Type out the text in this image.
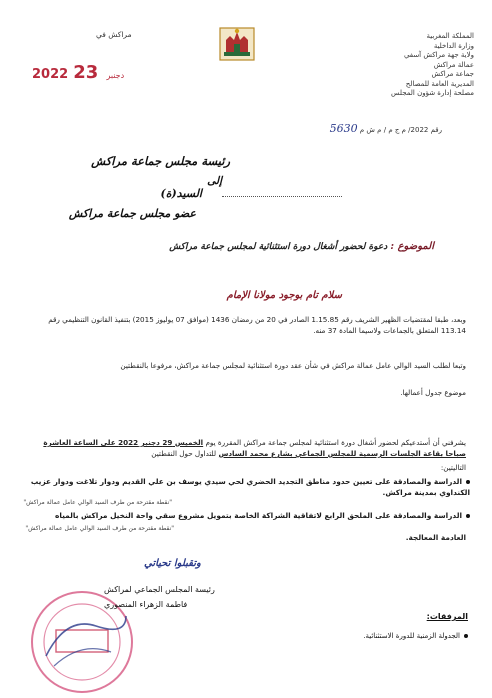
المملكة المغربية
وزارة الداخلية
ولاية جهة مراكش آسفي
عمالة مراكش
جماعة مراكش
المديرية العامة للمصالح
مصلحة إدارة شؤون المجلس
مراكش في
2022	دجنبر 23
رقم 2022/ م ج م / م ش م 5630
رئيسة مجلس جماعة مراكش
إلى
السيد(ة)
عضو مجلس جماعة مراكش
الموضوع : دعوة لحضور أشغال دورة استثنائية لمجلس جماعة مراكش
سلام تام بوجود مولانا الإمام
وبعد، طبقا لمقتضيات الظهير الشريف رقم 1.15.85 الصادر في 20 من رمضان 1436 (موافق 07 يوليوز 2015) بتنفيذ القانون التنظيمي رقم 113.14 المتعلق بالجماعات ولاسيما المادة 37 منه.
وتبعا لطلب السيد الوالي عامل عمالة مراكش في شأن عقد دورة استثنائية لمجلس جماعة مراكش، مرفوعا بالنقطتين
موضوع جدول أعمالها.
يشرفني أن أستدعيكم لحضور أشغال دورة استثنائية لمجلس جماعة مراكش المقررة يوم الخميس 29 دجنبر 2022 على الساعة العاشرة صباحا بقاعة الجلسات الرسمية للمجلس الجماعي بشارع محمد السادس للتداول حول النقطتين
التاليتين:
الدراسة والمصادقة على تعيين حدود مناطق التجديد الحضري لحي سيدي يوسف بن علي القديم ودوار تلاغت ودوار عزيب الكنداوي بمدينة مراكش.
"نقطة مقترحة من طرف السيد الوالي عامل عمالة مراكش"
الدراسة والمصادقة على الملحق الرابع لاتفاقية الشراكة الخاصة بتمويل مشروع سقي واحة النخيل مراكش بالمياه
"نقطة مقترحة من طرف السيد الوالي عامل عمالة مراكش"
العادمة المعالجة.
وتقبلوا تحياتي
رئيسة المجلس الجماعي لمراكش
فاطمة الزهراء المنصوري
المرفقات:
الجدولة الزمنية للدورة الاستثنائية.
